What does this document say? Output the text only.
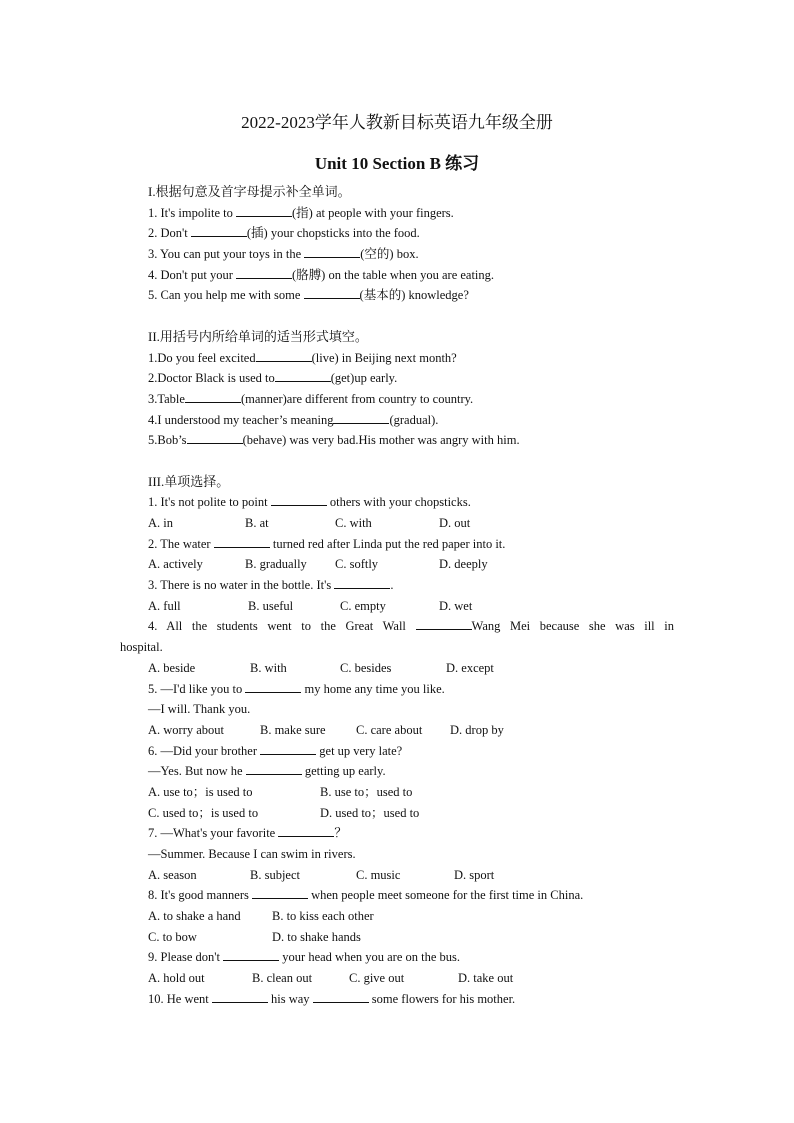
2022-2023学年人教新目标英语九年级全册
Unit 10 Section B 练习
I.根据句意及首字母提示补全单词。
1. It's impolite to	(指) at people with your fingers.
2. Don't	(插) your chopsticks into the food.
3. You can put your toys in the	(空的) box.
4. Don't put your	(胳膊) on the table when you are eating.
5. Can you help me with some	(基本的) knowledge?
II.用括号内所给单词的适当形式填空。
1.Do you feel excited	(live) in Beijing next month?
2.Doctor Black is used to	(get)up early.
3.Table	(manner)are different from country to country.
4.I understood my teacher’s meaning	(gradual).
5.Bob’s	(behave) was very bad.His mother was angry with him.
III.单项选择。
1. It's not polite to point	others with your chopsticks.
A. in	B. at	C. with	D. out
2. The water	turned red after Linda put the red paper into it.
A. actively	B. gradually C. softly	D. deeply
3. There is no water in the bottle. It's	.
A. full	B. useful	C. empty	D. wet
4. All the students went to the Great Wall	Wang Mei because she was ill in
hospital.
A. beside	B. with	C. besides	D. except
5. —I'd like you to	my home any time you like.
—I will. Thank you.
A. worry about	B. make sure C. care about D. drop by
6. —Did your brother	get up very late?
—Yes. But now he	getting up early.
A. use to；is used to	B. use to；used to
C. used to；is used to	D. used to；used to
7. —What's your favorite	？
—Summer. Because I can swim in rivers.
A. season	B. subject	C. music	D. sport
8. It's good manners	when people meet someone for the first time in China.
A. to shake a hand	B. to kiss each other
C. to bow	D. to shake hands
9. Please don't	your head when you are on the bus.
A. hold out	B. clean out	C. give out	D. take out
10. He went	his way	some flowers for his mother.
